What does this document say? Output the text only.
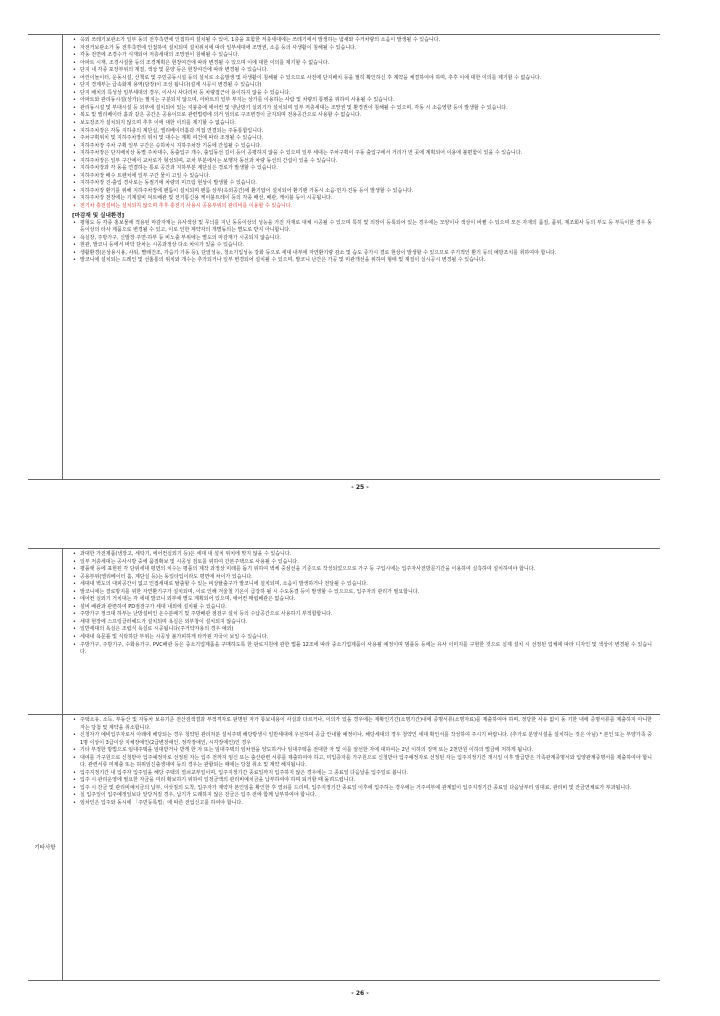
• 옥외 쓰레기보관소가 일부 동의 전후측면에 인접하여 설치될 수 있어, 1층을 포함한 저층세대에는 쓰레기에서 발생하는 냄새와 수거차량의 소음이 발생될 수 있습니다.
• 자전거보관소가 동 전후측면에 인접하여 설치되며 설치위치에 따라 일부세대에 조망권, 소음 등의 사생활이 침해될 수 있습니다.
• 각동 전면에 조경수가 식재되어 저층세대의 조망권이 침해될 수 있습니다.
• 아파트 시재, 조경시설물 등의 조경계획은 현장여건에 따라 변경될 수 있으며 이에 대한 이의를 제기할 수 없습니다.
• 단지 내 각종 포장부위의 재질, 색상 및 문양 등은 현장여건에 따라 변경될 수 있습니다.
• 어린이놀이터, 운동시설, 산책로 및 주민공동시설 등의 설치로 소음발생 및 사생활이 침해될 수 있으므로 사전에 단지배치 등을 필히 확인하신 후 계약을 체결하여야 하며, 추후 이에 대한 이의를 제기할 수 없습니다.
• 단지 경계부는 급속화재 용역(담장)이 조성 됩니다(설계 시공시 변경될 수 있습니다)
• 단지 배치의 특성상 일부세대의 경우, 이사시 사다리차 등 차량접근이 용이하지 않을 수 있습니다.
• 아파트와 관리동시설(상가)는 필지는 구분되지 않으며, 아파트의 일부 부지는 상가를 이용하는 사람 및 차량의 통행을 위하여 사용될 수 있습니다.
• 관리동시설 및 부대시설 등 외부에 설치되어 있는 지붕층에 에어컨 및 냉난방기 실외기가 설치되며 일부 저층세대는 조망권 및 환경권이 침해될 수 있으며, 각동 시 소음영향 등이 발생할 수 있습니다.
• 복도 및 엘리베이터 홀과 같은 공간은 공용이므로 관련법령에 의거 임의로 구조변경이 금지되며 전용공간으로 사용할 수 없습니다.
• 보도장조가 설치되지 않으며 추후 이에 대한 이의를 제기할 수 없습니다.
• 지하주차장은 각동 지하층의 계단실, 엘리베이터홀과 직접 연결되는 주동통합입니다.
• 주차구획위치 및 지하주차장의 위치 및 대수는 계획 여건에 따라 조정될 수 있습니다.
• 지하주차장 주차 구획 일부 구간은 승하차시 지하주차장 기둥에 간섭될 수 있습니다.
• 지하주차장은 단지배치상 동별 주차대수, 동출입구 개수, 출입동선 길이 등이 공평하지 않을 수 있으며 일부 세대는 주차구획이 주동 출입구에서 거리가 먼 곳에 계획되어 이용에 불편함이 있을 수 있습니다.
• 지하주차장은 일부 구간에서 교차로가 형성되며, 교차 부분에서는 보행자 동선과 차량 동선의 간섭이 있을 수 있습니다.
• 지하주차장과 각 동을 연결하는 통로 공간과 지하부분 계단실은 경로가 발생할 수 있습니다.
• 지하주차장 배수 트렌치에 일부 구간 물이 고일 수 있습니다.
• 지하주차장 진·출입 경사로는 동절기에 차량의 미끄럼 현상이 발생할 수 있습니다.
• 지하주차장 환기를 위해 지하주차장에 팬룸이 설치되며 팬룸 상부(옥외공간)에 환기탑이 설치되어 환기팬 가동시 소음·먼지·진동 등이 발생할 수 있습니다.
• 지하주차장 천장에는 기계설비 덕트배관 및 전기통신용 케이블트레이 등의 각종 배선, 배관, 케이블 등이 시공됩니다.
• 전기차 충전설비는 설치되지 않으며 추후 충전기 사용시 공용부위의 관리비를 이용할 수 있습니다.
[마감재 및 실내환경]
• 평형도 등 각종 홍보물에 적용된 마감자재는 유사색상 및 무늬를 지닌 동등이상의 성능을 가진 자재로 대체 시공될 수 있으며 특히 및 의장이 등록되어 있는 경우에는 모양이나 색상이 바뀔 수 있으며 모든 자재의 품질, 품위, 제조회사 등의 부도 등 부득이한 경우 동등이상의 타사 제품으로 변경될 수 있고, 이로 인한 계약자의 개별동의는 별도로 받지 아니합니다.
• 욕실장, 주방가구, 신발장 주면·하부 등 비노출 부위에는 별도의 마감재가 시공되지 않습니다.
• 현관, 발코니 등에서 바닥 단차는 시공과정상 다소 차이가 있을 수 있습니다.
• 생활환경(온상용시용, 사워, 빨래건조, 가습기 가동 등), 단열성능, 청소기입성능 강화 등으로 세대 내부에 자연환기량 감소 및 습도 증가시 결로 현상이 발생할 수 있으므로 주기적인 환기 등의 예방조치를 취하여야 합니다.
• 발코니에 설치되는 드레인 및 선홈통의 위치와 개수는 추가되거나 일부 변경되어 설치될 수 있으며, 발코니 난간은 가공 및 미관개선을 위하여 형태 및 재질이 실시공시 변경될 수 있습니다.
- 25 -
기타사항
• 과대한 가전제품(냉장고, 세탁기, 에어컨실외기 등)은 세대 내 설치 위치에 맞지 않을 수 있습니다.
• 일부 저층세대는 공사시방 중에 품질확보 및 시공성 검토를 위하여 간본주택으로 사용될 수 있습니다.
• 평플랫 등에 표현된 각 단위세대 평면의 치수는 평플의 제작 과정상 미래를 돕기 위하여 벽체 중심선을 기준으로 작성되었으므로 가구 등 구입시에는 입주자사전방문기간을 이용하여 실측하여 설치하여야 합니다.
• 공용부위(엘리베이터 홀, 계단실 등)는 동일타입이라도 평면에 차이가 있습니다.
• 세대내 벽도의 대피공간이 없고 인접세대로 탈출할 수 있는 비상탈출구가 발코니에 설치되며, 소음이 발생하거나 전달될 수 있습니다.
• 발코니에는 결로방지를 위한 자연환기구가 설치되며, 이로 인해 겨울철 기온이 급강하 될 시 수도동결 등이 발생할 수 있으므로, 입주자의 관리가 필요합니다.
• 에어컨 실외기 거치대는 각 세대 발코니 외부에 별도 계획되어 있으며, 에어컨 매립배관은 없습니다.
• 설비 배관과 관련하여 PD점검구가 세대 내외에 설치될 수 있습니다.
• 주방가구 정크대 하부는 난방설비인 온수분배기 및 주방배관 점검구 설치 등의 수납공간으로 사용하기 부적합합니다.
• 세대 현장에 스프링클러헤드가 설치되며 욕실은 외부창이 설치되지 않습니다.
• 일반세대의 욕실은 조립식 욕실로 시공됩니다(주거약자용의 경우 예외)
• 세대내 욕문틀 및 식탁하단 부위는 시공상 불가피하게 타카핀 자국이 보일 수 있습니다.
• 주방가구, 주방기구, 수화용가구, PVC배관 등은 중소기업제품을 구매하도록 한 판로지원에 관한 법률 12조에 따라 중소기업제품이 사용될 예정이며 범플등 등에는 유사 이미지를 구현한 것으로 실제 설치 시 선정된 업체에 따라 디자인 및 색상이 변경될 수 있습니다.
• 주택소유, 소득, 부동산 및 자동차 보유기준 전산검색결과 부적격자로 판명된 자가 통보내용이 사실과 다르거나, 이의가 있을 경우에는 재확인기간(소명기간)내에 증명서류(소명자료)를 제출하여야 하며, 정당한 사유 없이 동 기한 내에 증명서류를 제출하지 아니한 자는 당첨 및 계약을 취소합니다.
• 신청자가 예비입주자로서 아래에 해당되는 경우 청약된 관리처분 설치주택 해당방생시 일반세대에 우선하여 공급 안내할 예정이나, 해당세대의 경우 청약인 세대 확인서를 작성하여 주시기 바랍니다. (추가로 분양시설을 설치하는 것은 아님) * 본인 또는 부양가족 중 1명 이상이 3급이상 지체장애인(2급변장애인, 정각장애인, 시각장애인)인 경우
• 기타 부정한 방법으로 임대주택을 임대받거나 받게 한 자 또는 임대주택의 임차권을 양도하거나 임대주택을 전대한 자 및 이를 알선한 자에 대하여는 2년 이하의 징역 또는 2천만원 이하의 벌금에 처하게 됩니다.
• 대여를 가구원으로 신청받아 입주예정자로 선정된 자는 입주 전까지 임신 또는 출산관련 서류를 제출하여야 하고, 미입증자를 가구원으로 신청받아 입주예정자로 선정된 자는 입주지정기간 개시일 이후 발급받은 가족관계증명서와 입양관계증명서를 제출하여야 합니다. 관련서류 미제출 또는 허위임신출생대여 등의 경우는 관할되는 때에는 당첨 취소 및 계약 해지됩니다.
• 입주지정기간 내 입주자 입주일을 해당 주택의 열쇠교부일이며, 입주지정기간 종료일까지 입주하지 않은 경우에는 그 종료일 다음날을 입주일로 봅니다.
• 입주 시 관리운영에 필요한 자금을 미리 확보하기 위하여 일정금액의 관리비예치금을 납부하여야 하며 퇴거할 때 돌려드립니다.
• 입주 시 잔금 및 관리비예치금의 납부, 이삿짐의 도착, 입주자가 계약자 본인임을 확인한 후 열쇠를 드리며, 입주지정기간 종료일 이후에 입주하는 경우에는 거주여부에 관계없이 입주지정기간 종료일 다음날부터 임대료, 관리비 및 잔금연체료가 부과됩니다.
• 실 입주일이 입주예정일보다 앞당겨질 경우, 납기가 도래하지 않은 잔금은 입주 전에 함께 납부하여야 합니다.
• 임차인은 입주와 동시에 「주민등록법」에 따른 전입신고를 하여야 합니다.
- 26 -
